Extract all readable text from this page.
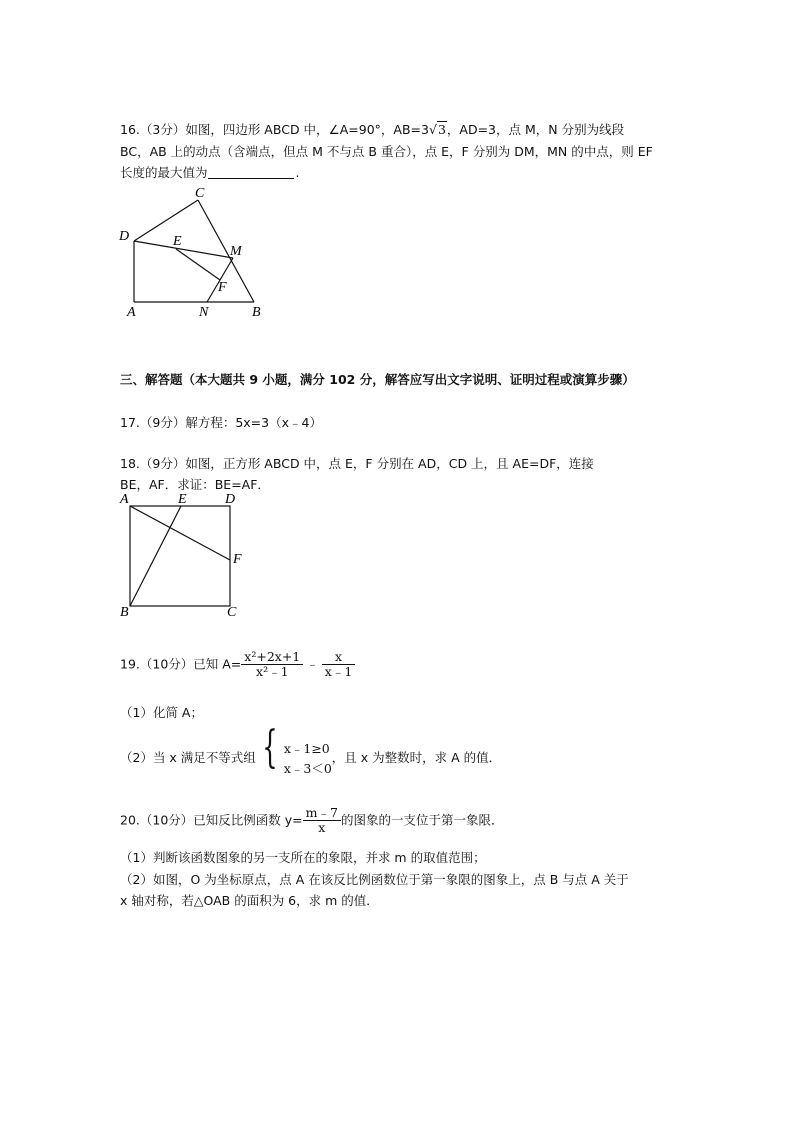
16.（3分）如图，四边形 ABCD 中，∠A=90°，AB=3√3，AD=3，点 M，N 分别为线段
BC，AB 上的动点（含端点，但点 M 不与点 B 重合），点 E，F 分别为 DM，MN 的中点，则 EF
长度的最大值为	.
C
D	E
M
F
A	N	B
三、解答题（本大题共 9 小题，满分 102 分，解答应写出文字说明、证明过程或演算步骤）
17.（9分）解方程：5x=3（x﹣4）
18.（9分）如图，正方形 ABCD 中，点 E，F 分别在 AD，CD 上，且 AE=DF，连接
BE，AF．求证：BE=AF．
A	E	D
F
B	C
19.（10分）已知 $A= \frac{\text{x²+2x+1}}{\text{x²﹣1}}$ ﹣ $\frac{x}{x﹣1}$
（1）化简 A；
（2）当 x 满足不等式组 { x﹣1≥0
x﹣3＜0
，且 x 为整数时，求 A 的值．
20.（10分）已知反比例函数 $y= \frac{m﹣7}{x}$ 的图象的一支位于第一象限．
（1）判断该函数图象的另一支所在的象限，并求 m 的取值范围；
（2）如图，O 为坐标原点，点 A 在该反比例函数位于第一象限的图象上，点 B 与点 A 关于
x 轴对称，若△OAB 的面积为 6，求 m 的值．
